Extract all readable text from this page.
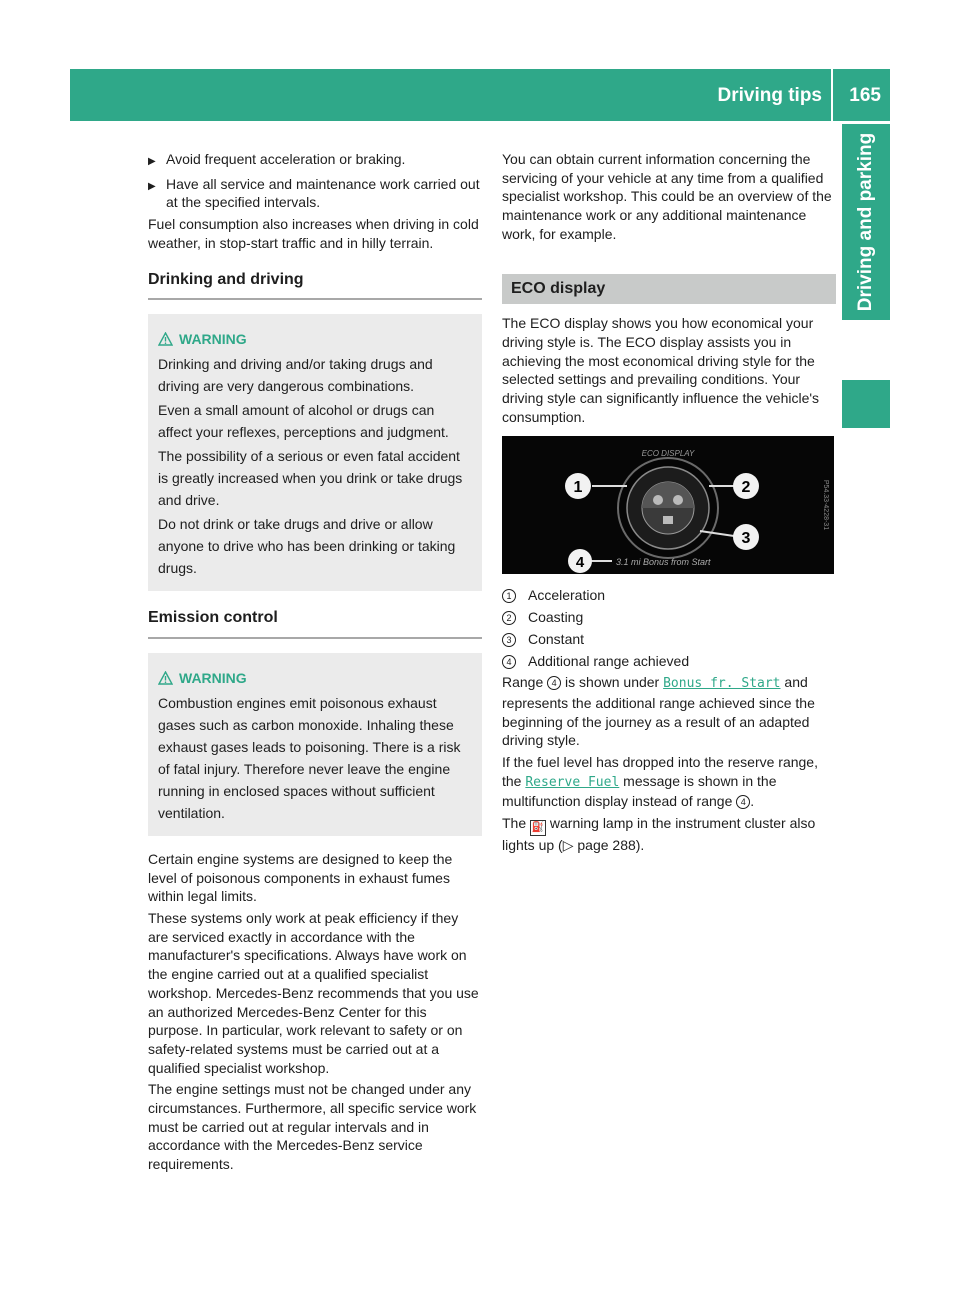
Driving tips 165
Driving and parking
▶ Avoid frequent acceleration or braking.
▶ Have all service and maintenance work carried out at the specified intervals.

Fuel consumption also increases when driving in cold weather, in stop-start traffic and in hilly terrain.

Drinking and driving
WARNING

Drinking and driving and/or taking drugs and driving are very dangerous combinations.

Even a small amount of alcohol or drugs can affect your reflexes, perceptions and judgment.

The possibility of a serious or even fatal accident is greatly increased when you drink or take drugs and drive.

Do not drink or take drugs and drive or allow anyone to drive who has been drinking or taking drugs.

Emission control
WARNING

Combustion engines emit poisonous exhaust gases such as carbon monoxide. Inhaling these exhaust gases leads to poisoning. There is a risk of fatal injury. Therefore never leave the engine running in enclosed spaces without sufficient ventilation.

Certain engine systems are designed to keep the level of poisonous components in exhaust fumes within legal limits.

These systems only work at peak efficiency if they are serviced exactly in accordance with the manufacturer's specifications. Always have work on the engine carried out at a qualified specialist workshop. Mercedes-Benz recommends that you use an authorized Mercedes-Benz Center for this purpose. In particular, work relevant to safety or on safety-related systems must be carried out at a qualified specialist workshop.

The engine settings must not be changed under any circumstances. Furthermore, all specific service work must be carried out at regular intervals and in accordance with the Mercedes-Benz service requirements.

You can obtain current information concerning the servicing of your vehicle at any time from a qualified specialist workshop. This could be an overview of the maintenance work or any additional maintenance work, for example.

ECO display

The ECO display shows you how economical your driving style is. The ECO display assists you in achieving the most economical driving style for the selected settings and prevailing conditions. Your driving style can significantly influence the vehicle's consumption.

ECO DISPLAY
1	2
3
4	3.1 mi Bonus from Start
P54.33-4228-31
1	Acceleration
2	Coasting
3	Constant
4	Additional range achieved

Range 4 is shown under Bonus fr. Start and represents the additional range achieved since the beginning of the journey as a result of an adapted driving style.

If the fuel level has dropped into the reserve range, the Reserve Fuel message is shown in the multifunction display instead of range 4 .

The ⛽ warning lamp in the instrument cluster also lights up (▷ page 288).
